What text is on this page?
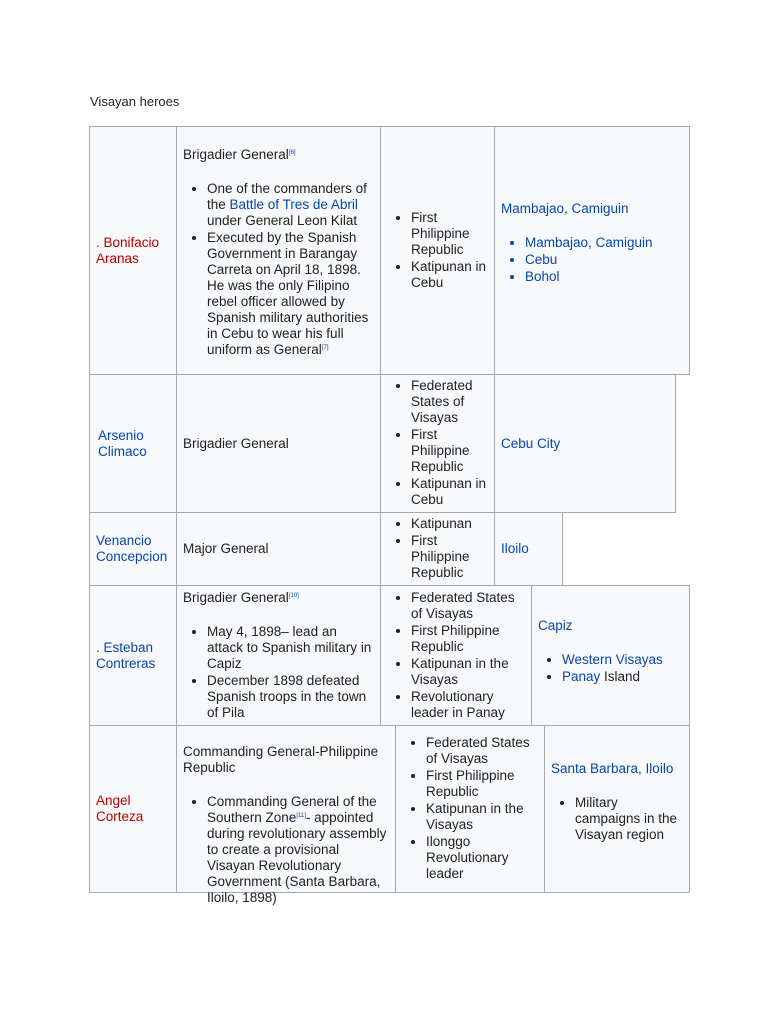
Visayan heroes
. Bonifacio Aranas

Brigadier General[6]

• One of the commanders of the Battle of Tres de Abril under General Leon Kilat
• Executed by the Spanish Government in Barangay Carreta on April 18, 1898. He was the only Filipino rebel officer allowed by Spanish military authorities in Cebu to wear his full uniform as General[7]
• First Philippine Republic
• Katipunan in Cebu

Mambajao, Camiguin

• Mambajao, Camiguin
• Cebu
• Bohol
Arsenio Climaco

Brigadier General

• Federated States of Visayas
• First Philippine Republic
• Katipunan in Cebu

Cebu City

Venancio Concepcion

Major General

• Katipunan
• First Philippine Republic

Iloilo

. Esteban Contreras

Brigadier General[10]

• May 4, 1898– lead an attack to Spanish military in Capiz
• December 1898 defeated Spanish troops in the town of Pila
• Federated States of Visayas
• First Philippine Republic
• Katipunan in the Visayas
• Revolutionary leader in Panay

Capiz

• Western Visayas
• Panay Island
Angel Corteza

Commanding General-Philippine Republic

• Commanding General of the Southern Zone[11]- appointed during revolutionary assembly to create a provisional Visayan Revolutionary Government (Santa Barbara, Iloilo, 1898)
• Federated States of Visayas
• First Philippine Republic
• Katipunan in the Visayas
• Ilonggo Revolutionary leader

Santa Barbara, Iloilo

• Military campaigns in the Visayan region
